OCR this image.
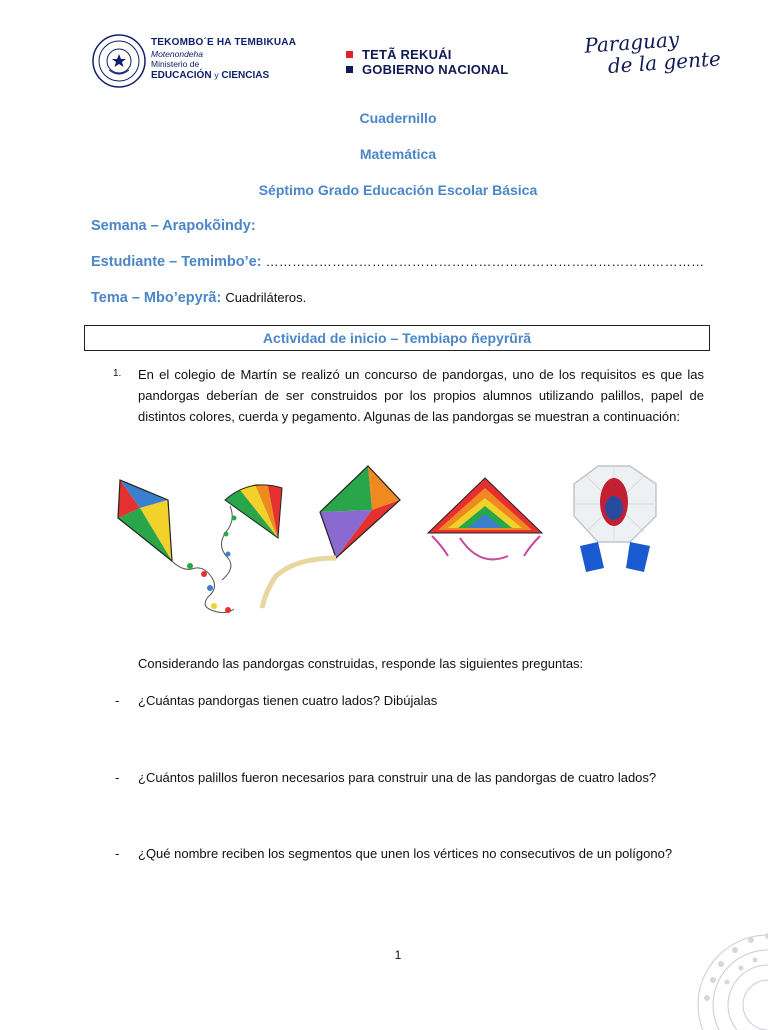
TEKOMBO´E HA TEMBIKUAA
Motenondeha
Ministerio de
EDUCACIÓN y CIENCIAS
TETÃ REKUÁI
GOBIERNO NACIONAL
Paraguay
de la gente
Cuadernillo
Matemática
Séptimo Grado Educación Escolar Básica
Semana – Arapokõindy:
Estudiante – Temimbo’e: ………………………………………………………………………………………
Tema – Mbo’epyrã: Cuadriláteros.
Actividad de inicio – Tembiapo ñepyrũrã
1. En el colegio de Martín se realizó un concurso de pandorgas, uno de los requisitos es que las pandorgas deberían de ser construidos por los propios alumnos utilizando palillos, papel de distintos colores, cuerda y pegamento. Algunas de las pandorgas se muestran a continuación:
Considerando las pandorgas construidas, responde las siguientes preguntas:
-	¿Cuántas pandorgas tienen cuatro lados? Dibújalas
-	¿Cuántos palillos fueron necesarios para construir una de las pandorgas de cuatro lados?
-	¿Qué nombre reciben los segmentos que unen los vértices no consecutivos de un polígono?
1
